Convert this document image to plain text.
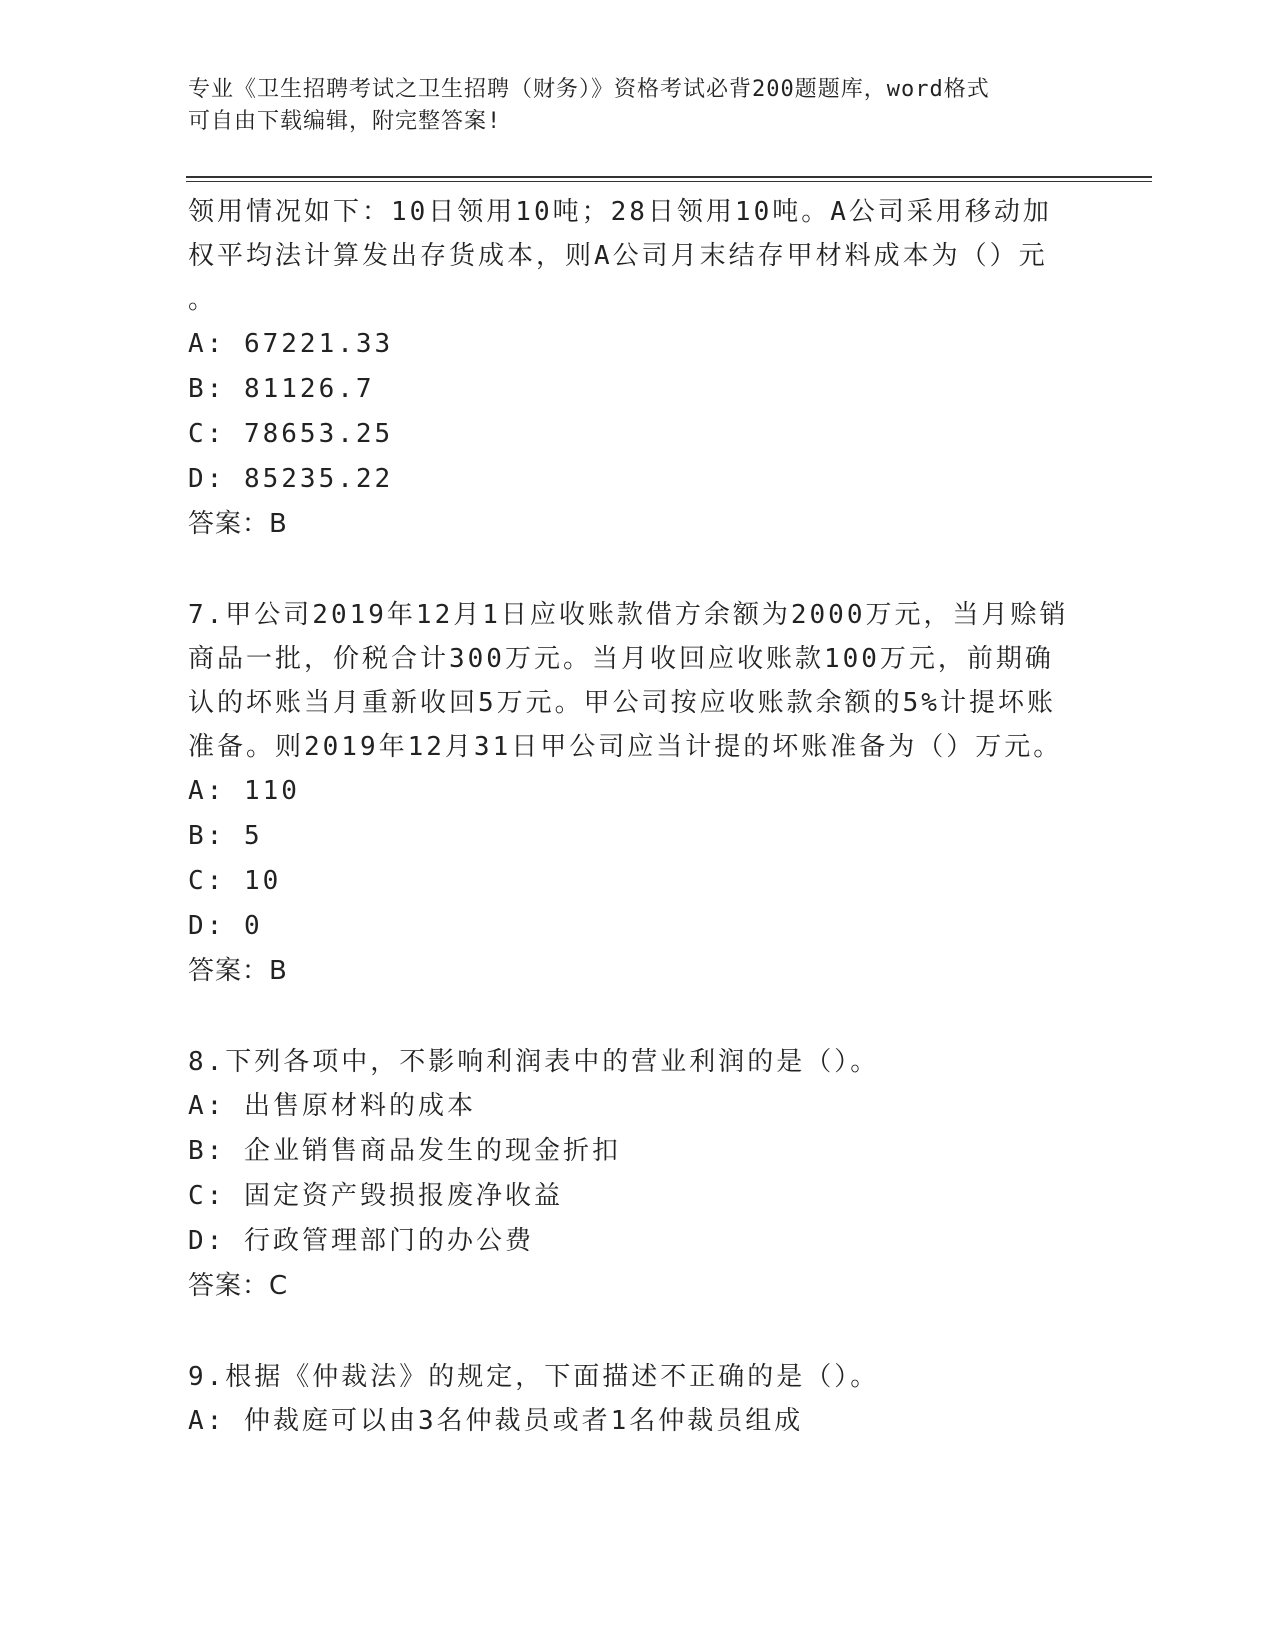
专业《卫生招聘考试之卫生招聘（财务）》资格考试必背200题题库，word格式
可自由下载编辑，附完整答案!

领用情况如下：10日领用10吨；28日领用10吨。A公司采用移动加

权平均法计算发出存货成本，则A公司月末结存甲材料成本为（）元

。

A: 67221.33

B: 81126.7

C: 78653.25

D: 85235.22

答案：B

7.甲公司2019年12月1日应收账款借方余额为2000万元，当月赊销

商品一批，价税合计300万元。当月收回应收账款100万元，前期确

认的坏账当月重新收回5万元。甲公司按应收账款余额的5%计提坏账

准备。则2019年12月31日甲公司应当计提的坏账准备为（）万元。

A: 110

B: 5

C: 10

D: 0

答案：B

8.下列各项中，不影响利润表中的营业利润的是（）。

A: 出售原材料的成本

B: 企业销售商品发生的现金折扣

C: 固定资产毁损报废净收益

D: 行政管理部门的办公费

答案：C

9.根据《仲裁法》的规定，下面描述不正确的是（）。

A: 仲裁庭可以由3名仲裁员或者1名仲裁员组成
